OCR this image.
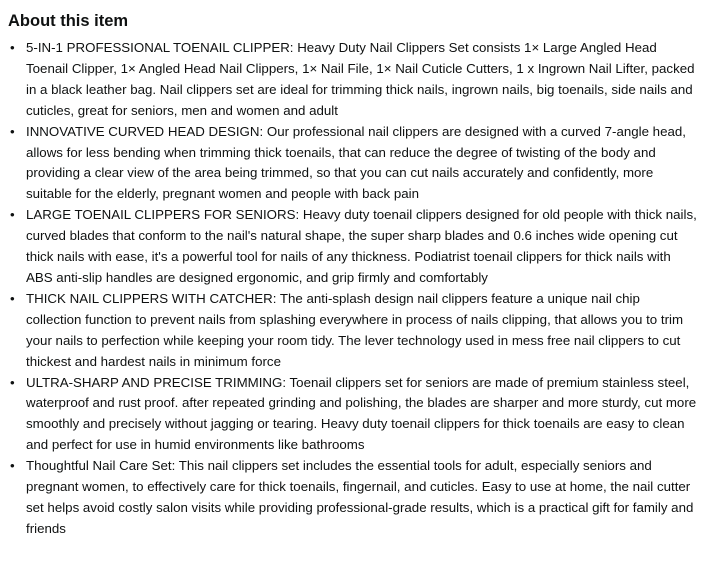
About this item
• 5-IN-1 PROFESSIONAL TOENAIL CLIPPER: Heavy Duty Nail Clippers Set consists 1× Large Angled Head Toenail Clipper, 1× Angled Head Nail Clippers, 1× Nail File, 1× Nail Cuticle Cutters, 1 x Ingrown Nail Lifter, packed in a black leather bag. Nail clippers set are ideal for trimming thick nails, ingrown nails, big toenails, side nails and cuticles, great for seniors, men and women and adult
• INNOVATIVE CURVED HEAD DESIGN: Our professional nail clippers are designed with a curved 7-angle head, allows for less bending when trimming thick toenails, that can reduce the degree of twisting of the body and providing a clear view of the area being trimmed, so that you can cut nails accurately and confidently, more suitable for the elderly, pregnant women and people with back pain
• LARGE TOENAIL CLIPPERS FOR SENIORS: Heavy duty toenail clippers designed for old people with thick nails, curved blades that conform to the nail's natural shape, the super sharp blades and 0.6 inches wide opening cut thick nails with ease, it's a powerful tool for nails of any thickness. Podiatrist toenail clippers for thick nails with ABS anti-slip handles are designed ergonomic, and grip firmly and comfortably
• THICK NAIL CLIPPERS WITH CATCHER: The anti-splash design nail clippers feature a unique nail chip collection function to prevent nails from splashing everywhere in process of nails clipping, that allows you to trim your nails to perfection while keeping your room tidy. The lever technology used in mess free nail clippers to cut thickest and hardest nails in minimum force
• ULTRA-SHARP AND PRECISE TRIMMING: Toenail clippers set for seniors are made of premium stainless steel, waterproof and rust proof. after repeated grinding and polishing, the blades are sharper and more sturdy, cut more smoothly and precisely without jagging or tearing. Heavy duty toenail clippers for thick toenails are easy to clean and perfect for use in humid environments like bathrooms
• Thoughtful Nail Care Set: This nail clippers set includes the essential tools for adult, especially seniors and pregnant women, to effectively care for thick toenails, fingernail, and cuticles. Easy to use at home, the nail cutter set helps avoid costly salon visits while providing professional-grade results, which is a practical gift for family and friends
